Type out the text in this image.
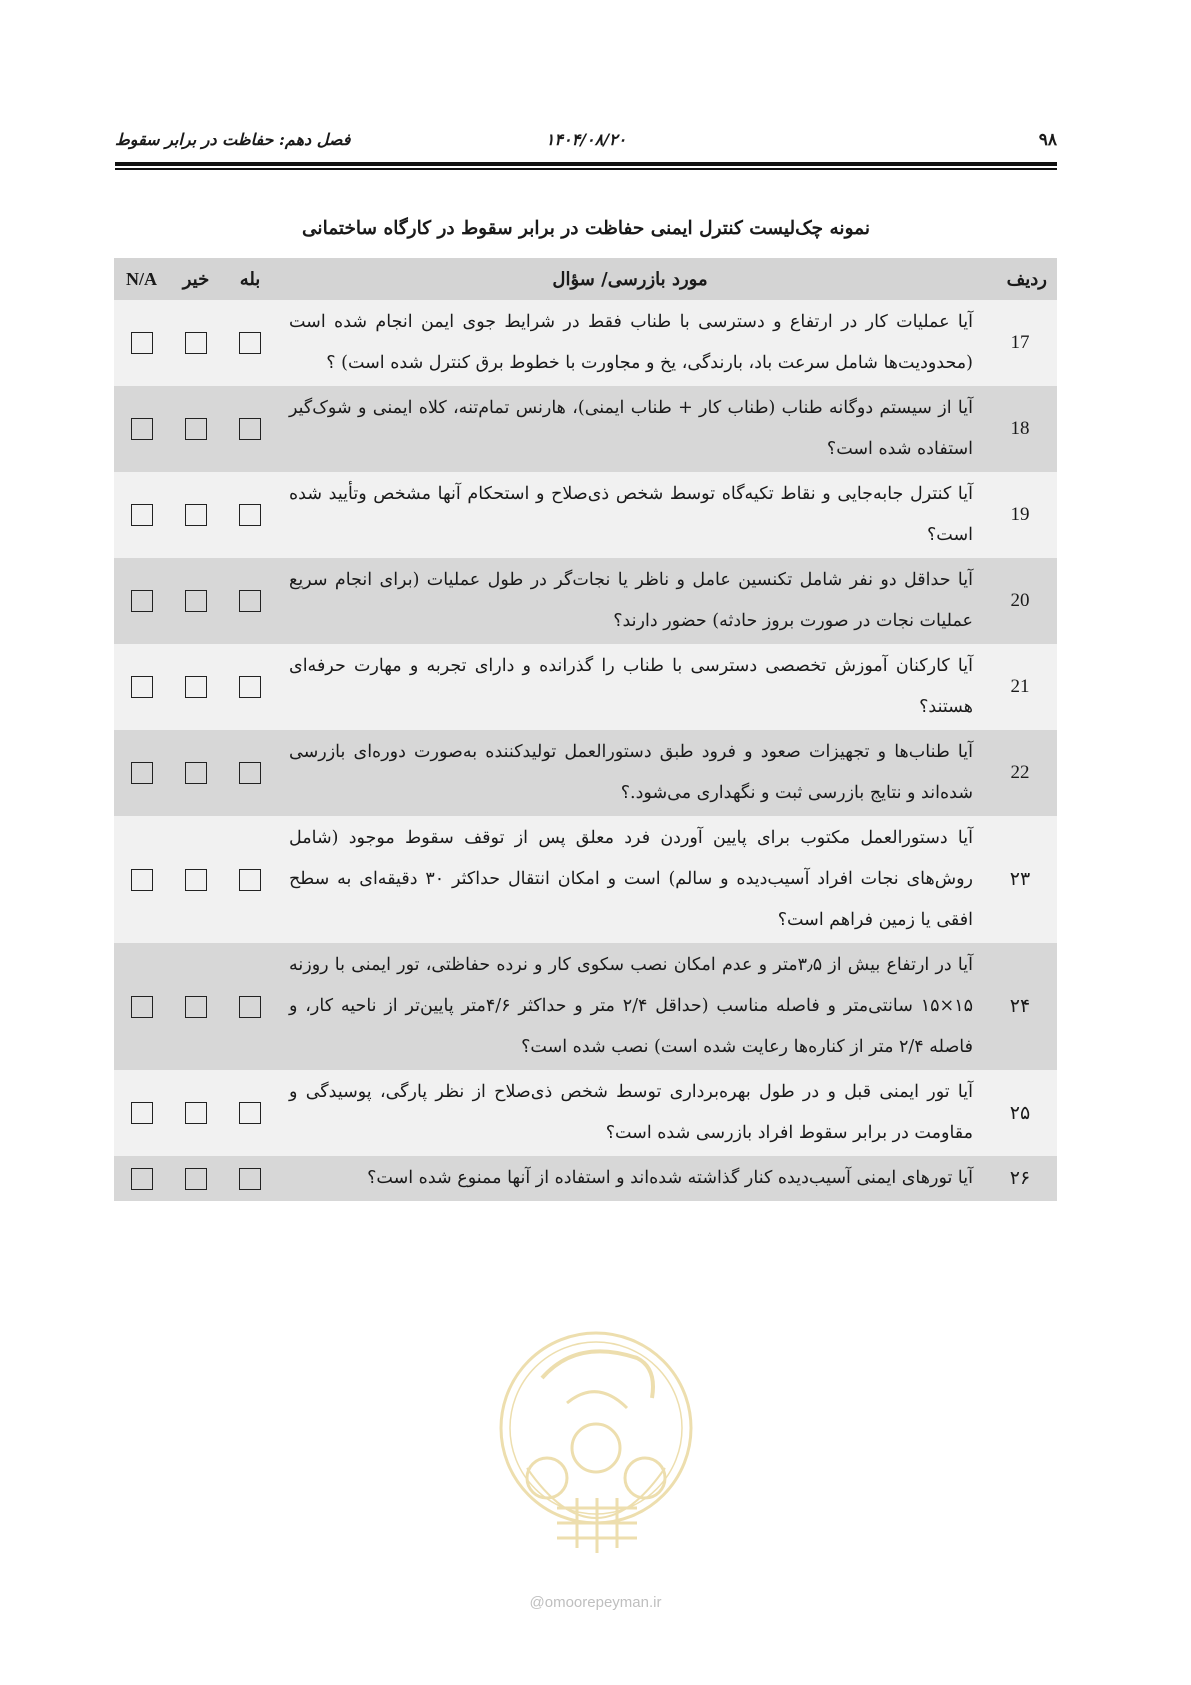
۹۸
۱۴۰۴/۰۸/۲۰
فصل دهم: حفاظت در برابر سقوط
نمونه چک‌لیست کنترل ایمنی حفاظت در برابر سقوط در کارگاه ساختمانی
ردیف	مورد بازرسی/ سؤال	بله	خیر	N/A
17	آیا عملیات کار در ارتفاع و دسترسی با طناب فقط در شرایط جوی ایمن انجام شده است (محدودیت‌ها شامل سرعت باد، بارندگی، یخ و مجاورت با خطوط برق کنترل شده است) ؟			
18	آیا از سیستم دوگانه طناب (طناب کار + طناب ایمنی)، هارنس تمام‌تنه، کلاه ایمنی و شوک‌گیر استفاده شده است؟			
19	آیا کنترل جابه‌جایی و نقاط تکیه‌گاه توسط شخص ذی‌صلاح و استحکام آنها مشخص وتأیید شده است؟			
20	آیا حداقل دو نفر شامل تکنسین عامل و ناظر یا نجات‌گر در طول عملیات (برای انجام سریع عملیات نجات در صورت بروز حادثه) حضور دارند؟			
21	آیا کارکنان آموزش تخصصی دسترسی با طناب را گذرانده و دارای تجربه و مهارت حرفه‌ای هستند؟			
22	آیا طناب‌ها و تجهیزات صعود و فرود طبق دستورالعمل تولیدکننده به‌صورت دوره‌ای بازرسی شده‌اند و نتایج بازرسی ثبت و نگهداری می‌شود.؟			
۲۳	آیا دستورالعمل مکتوب برای پایین آوردن فرد معلق پس از توقف سقوط موجود (شامل روش‌های نجات افراد آسیب‌دیده و سالم) است و امکان انتقال حداکثر ۳۰ دقیقه‌ای به سطح افقی یا زمین فراهم است؟			
۲۴	آیا در ارتفاع بیش از ۳٫۵متر و عدم امکان نصب سکوی کار و نرده حفاظتی، تور ایمنی با روزنه ۱۵×۱۵ سانتی‌متر و فاصله مناسب (حداقل ۲/۴ متر و حداکثر ۴/۶متر پایین‌تر از ناحیه کار، و فاصله ۲/۴ متر از کناره‌ها رعایت شده است) نصب شده است؟			
۲۵	آیا تور ایمنی قبل و در طول بهره‌برداری توسط شخص ذی‌صلاح از نظر پارگی، پوسیدگی و مقاومت در برابر سقوط افراد بازرسی شده است؟			
۲۶	آیا تورهای ایمنی آسیب‌دیده کنار گذاشته شده‌اند و استفاده از آنها ممنوع شده است؟			
@omoorepeyman.ir
